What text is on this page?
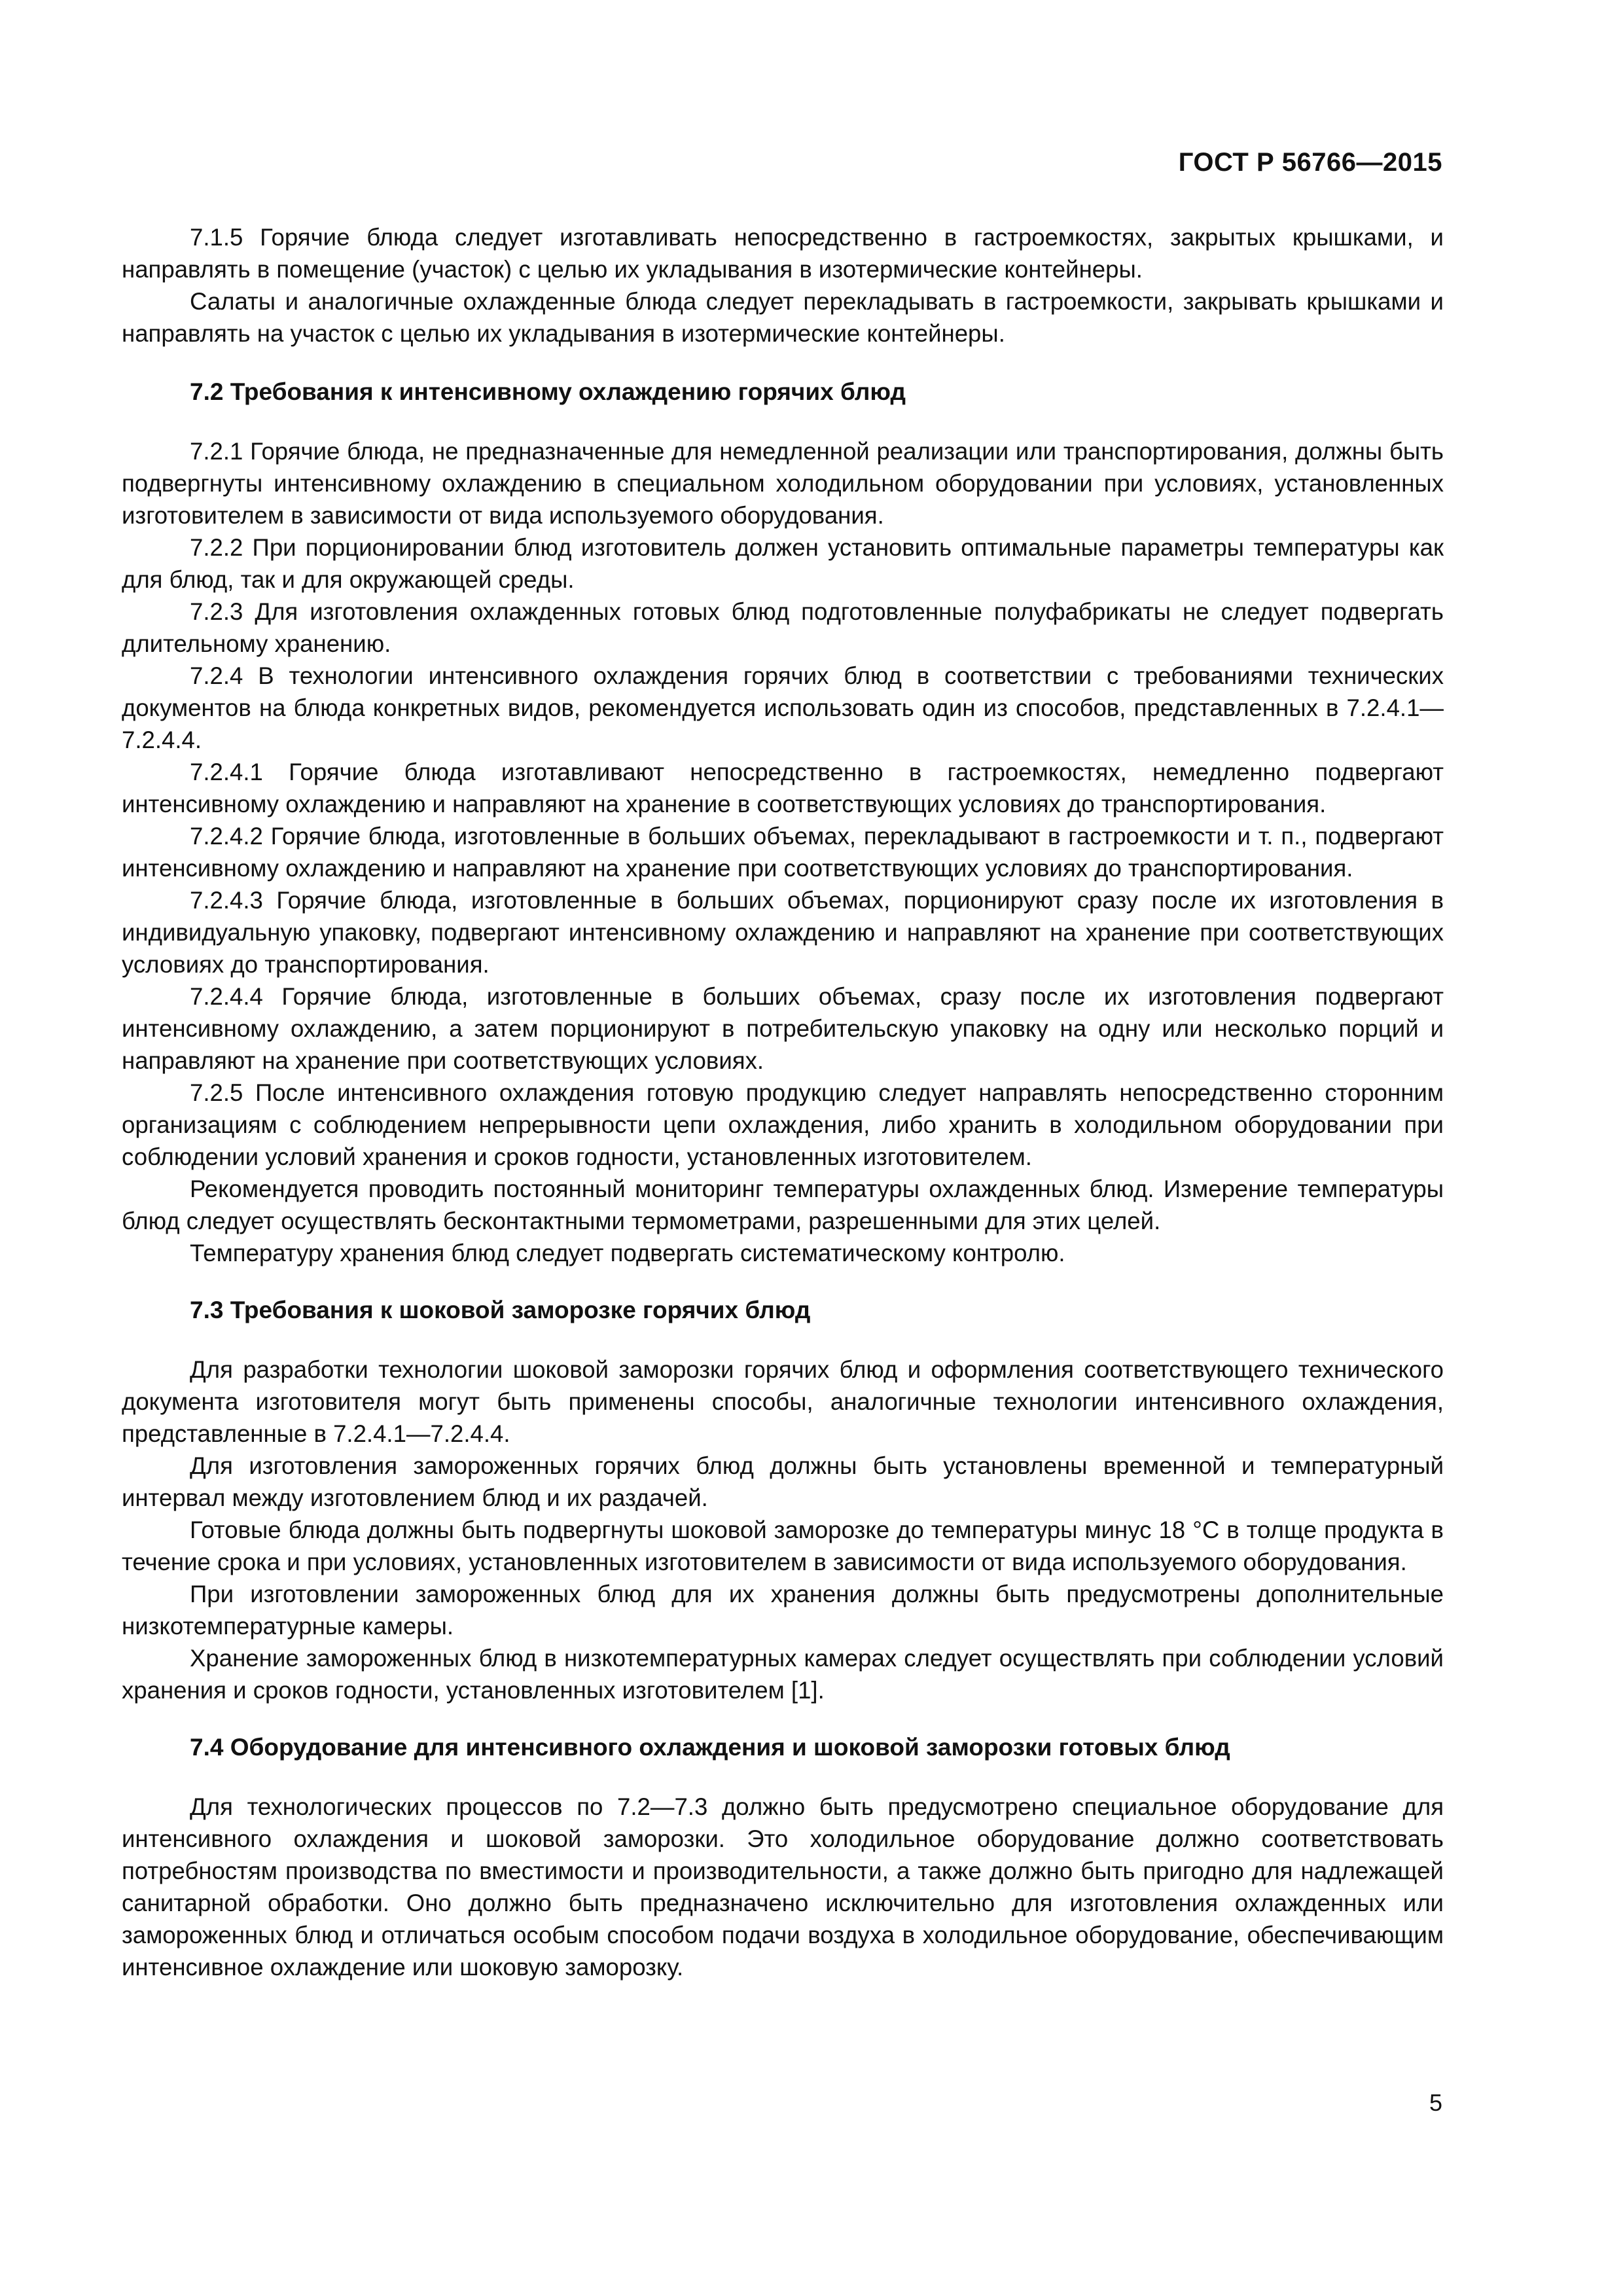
ГОСТ Р 56766—2015

7.1.5 Горячие блюда следует изготавливать непосредственно в гастроемкостях, закрытых крышками, и направлять в помещение (участок) с целью их укладывания в изотермические контейнеры.

Салаты и аналогичные охлажденные блюда следует перекладывать в гастроемкости, закрывать крышками и направлять на участок с целью их укладывания в изотермические контейнеры.

7.2 Требования к интенсивному охлаждению горячих блюд

7.2.1 Горячие блюда, не предназначенные для немедленной реализации или транспортирования, должны быть подвергнуты интенсивному охлаждению в специальном холодильном оборудовании при условиях, установленных изготовителем в зависимости от вида используемого оборудования.

7.2.2 При порционировании блюд изготовитель должен установить оптимальные параметры температуры как для блюд, так и для окружающей среды.

7.2.3 Для изготовления охлажденных готовых блюд подготовленные полуфабрикаты не следует подвергать длительному хранению.

7.2.4 В технологии интенсивного охлаждения горячих блюд в соответствии с требованиями технических документов на блюда конкретных видов, рекомендуется использовать один из способов, представленных в 7.2.4.1—7.2.4.4.

7.2.4.1 Горячие блюда изготавливают непосредственно в гастроемкостях, немедленно подвергают интенсивному охлаждению и направляют на хранение в соответствующих условиях до транспортирования.

7.2.4.2 Горячие блюда, изготовленные в больших объемах, перекладывают в гастроемкости и т. п., подвергают интенсивному охлаждению и направляют на хранение при соответствующих условиях до транспортирования.

7.2.4.3 Горячие блюда, изготовленные в больших объемах, порционируют сразу после их изготовления в индивидуальную упаковку, подвергают интенсивному охлаждению и направляют на хранение при соответствующих условиях до транспортирования.

7.2.4.4 Горячие блюда, изготовленные в больших объемах, сразу после их изготовления подвергают интенсивному охлаждению, а затем порционируют в потребительскую упаковку на одну или несколько порций и направляют на хранение при соответствующих условиях.

7.2.5 После интенсивного охлаждения готовую продукцию следует направлять непосредственно сторонним организациям с соблюдением непрерывности цепи охлаждения, либо хранить в холодильном оборудовании при соблюдении условий хранения и сроков годности, установленных изготовителем.

Рекомендуется проводить постоянный мониторинг температуры охлажденных блюд. Измерение температуры блюд следует осуществлять бесконтактными термометрами, разрешенными для этих целей.

Температуру хранения блюд следует подвергать систематическому контролю.

7.3 Требования к шоковой заморозке горячих блюд

Для разработки технологии шоковой заморозки горячих блюд и оформления соответствующего технического документа изготовителя могут быть применены способы, аналогичные технологии интенсивного охлаждения, представленные в 7.2.4.1—7.2.4.4.

Для изготовления замороженных горячих блюд должны быть установлены временной и температурный интервал между изготовлением блюд и их раздачей.

Готовые блюда должны быть подвергнуты шоковой заморозке до температуры минус 18 °С в толще продукта в течение срока и при условиях, установленных изготовителем в зависимости от вида используемого оборудования.

При изготовлении замороженных блюд для их хранения должны быть предусмотрены дополнительные низкотемпературные камеры.

Хранение замороженных блюд в низкотемпературных камерах следует осуществлять при соблюдении условий хранения и сроков годности, установленных изготовителем [1].

7.4 Оборудование для интенсивного охлаждения и шоковой заморозки готовых блюд

Для технологических процессов по 7.2—7.3 должно быть предусмотрено специальное оборудование для интенсивного охлаждения и шоковой заморозки. Это холодильное оборудование должно соответствовать потребностям производства по вместимости и производительности, а также должно быть пригодно для надлежащей санитарной обработки. Оно должно быть предназначено исключительно для изготовления охлажденных или замороженных блюд и отличаться особым способом подачи воздуха в холодильное оборудование, обеспечивающим интенсивное охлаждение или шоковую заморозку.

5
